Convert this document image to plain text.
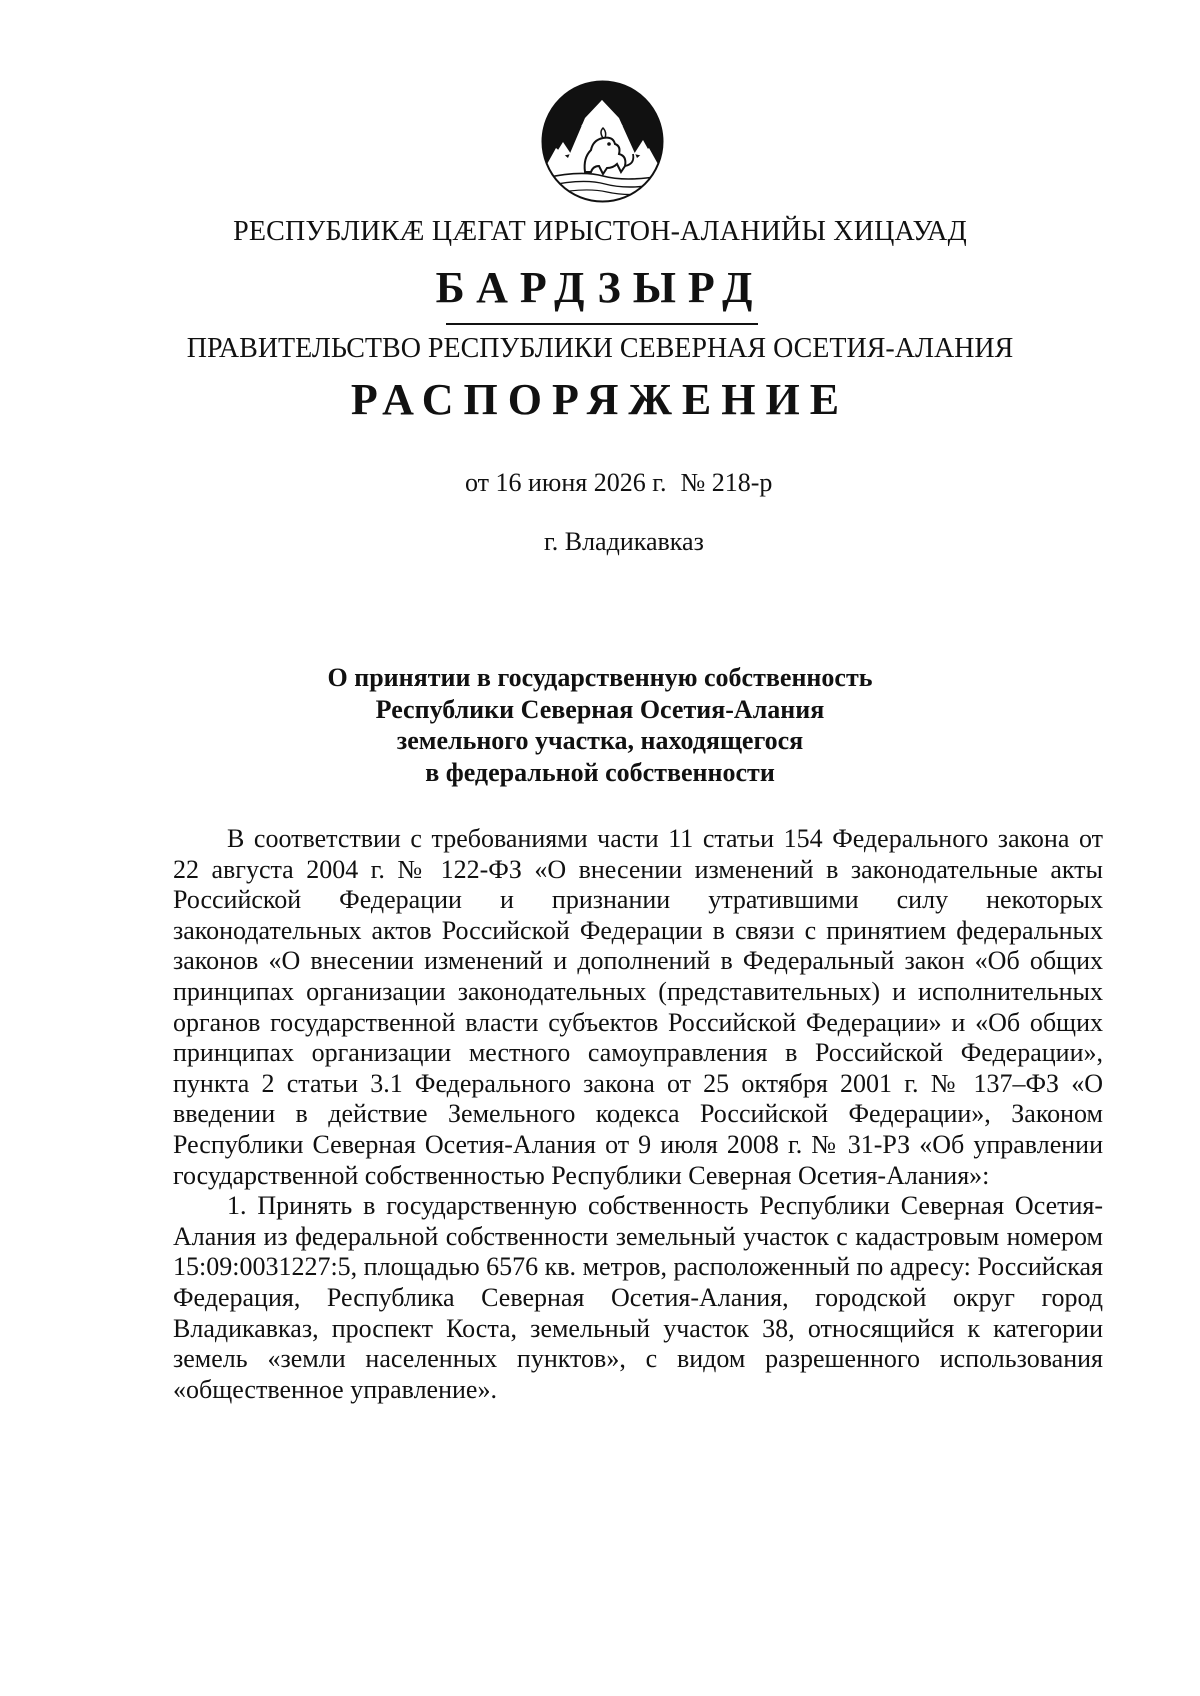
РЕСПУБЛИКӔ ЦӔГАТ ИРЫСТОН-АЛАНИЙЫ ХИЦАУАД
БАРДЗЫРД
ПРАВИТЕЛЬСТВО РЕСПУБЛИКИ СЕВЕРНАЯ ОСЕТИЯ-АЛАНИЯ
РАСПОРЯЖЕНИЕ
от 16 июня 2026 г. № 218-р
г. Владикавказ
О принятии в государственную собственность
Республики Северная Осетия-Алания
земельного участка, находящегося
в федеральной собственности

В соответствии с требованиями части 11 статьи 154 Федерального закона от 22 августа 2004 г. № 122-ФЗ «О внесении изменений в законодательные акты Российской Федерации и признании утратившими силу некоторых законодательных актов Российской Федерации в связи с принятием федеральных законов «О внесении изменений и дополнений в Федеральный закон «Об общих принципах организации законодательных (представительных) и исполнительных органов государственной власти субъектов Российской Федерации» и «Об общих принципах организации местного самоуправления в Российской Федерации», пункта 2 статьи 3.1 Федерального закона от 25 октября 2001 г. № 137–ФЗ «О введении в действие Земельного кодекса Российской Федерации», Законом Республики Северная Осетия-Алания от 9 июля 2008 г. № 31-РЗ «Об управлении государственной собственностью Республики Северная Осетия-Алания»:

1. Принять в государственную собственность Республики Северная Осетия-Алания из федеральной собственности земельный участок с кадастровым номером 15:09:0031227:5, площадью 6576 кв. метров, расположенный по адресу: Российская Федерация, Республика Северная Осетия-Алания, городской округ город Владикавказ, проспект Коста, земельный участок 38, относящийся к категории земель «земли населенных пунктов», с видом разрешенного использования «общественное управление».
